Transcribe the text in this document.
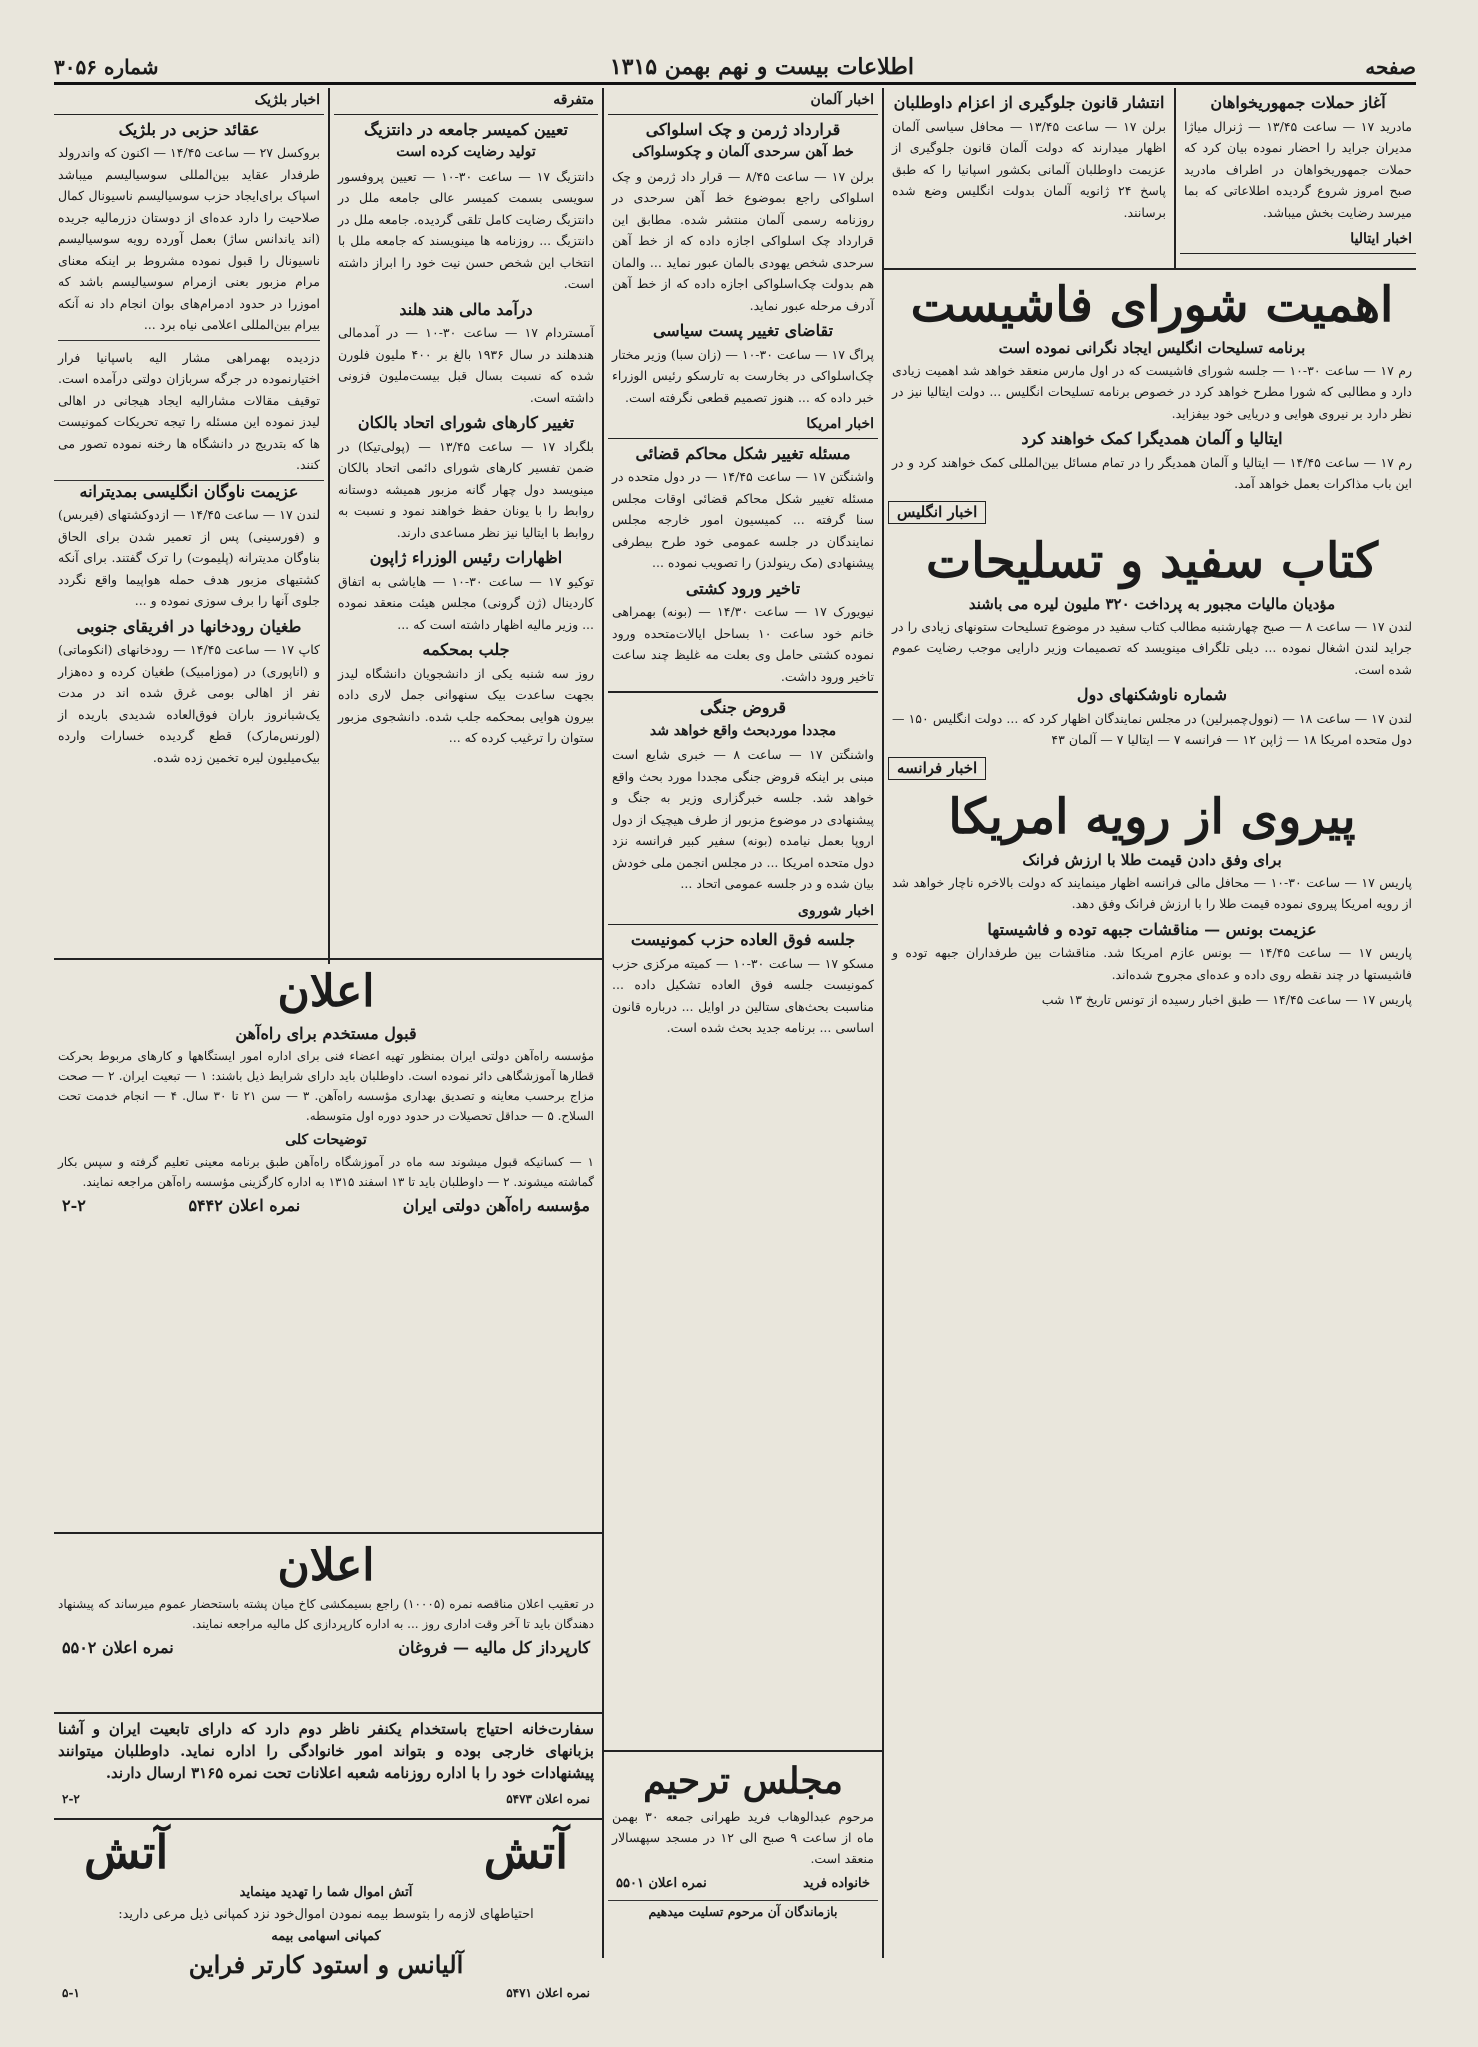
صفحه
اطلاعات بیست و نهم بهمن ۱۳۱۵
شماره ۳۰۵۶
اخبار بلژیک
عقائد حزبی در بلژیک
بروکسل ۲۷ — ساعت ۱۴/۴۵ — اکنون که واندرولد طرفدار عقاید بین‌المللی سوسیالیسم میباشد اسپاک برای‌ایجاد حزب سوسیالیسم ناسیونال کمال‌ صلاحیت را دارد عده‌ای از دوستان دزرمالیه جریده (اند یاندانس ساژ) بعمل آورده رویه سوسیالیسم ناسیونال را قبول نموده مشروط بر اینکه معنای مرام مزبور بعنی ازمرام سوسیالیسم باشد که اموزرا در حدود ادمرام‌های بوان انجام داد نه آنکه بیرام بین‌المللی اعلامی نیاه برد ...
دزدیده بهمراهی مشار الیه باسپانیا فرار اختیارنموده در جرگه سربازان دولتی درآمده است. توقیف مقالات مشارالیه ایجاد هیجانی در اهالی لیدز نموده این مسئله را تیجه تحریکات کمونیست ها که بتدریج در دانشگاه ها رخنه نموده تصور می کنند.
عزیمت ناوگان انگلیسی بمدیترانه
لندن ۱۷ — ساعت ۱۴/۴۵ — ازدو‌کشتهای (فیربس) و (فورسینی) پس از تعمیر شدن برای الحاق بناوگان مدیترانه (پلیموت) را ترک گفتند. برای آنکه کشتیهای مزبور هدف حمله هواپیما واقع نگردد جلوی آنها را برف سوزی نموده و ...
طغیان رودخانها در افریقای جنوبی
کاپ ۱۷ — ساعت ۱۴/۴۵ — رودخانهای (انکوماتی) و (اناپوری) در (موزامبیک) طغیان کرده و ده‌هزار نفر از اهالی بومی غرق شده اند در مدت یک‌شبانروز باران فوق‌العاده شدیدی باریده از (لورنس‌مارک) قطع گردیده خسارات وارده بیک‌میلیون لیره تخمین زده شده.
متفرقه
تعیین کمیسر جامعه در دانتزیگ
تولید رضایت کرده است
دانتزیگ ۱۷ — ساعت ۳۰-۱۰ — تعیین پروفسور سویسی بسمت کمیسر عالی جامعه ملل در دانتزیگ رضایت کامل تلقی گردیده. جامعه ملل در دانتزیگ ... روزنامه ها مینویسند که جامعه ملل با انتخاب این شخص حسن نیت خود را ابراز داشته است.
درآمد مالی هند هلند
آمستردام ۱۷ — ساعت ۳۰-۱۰ — در آمدمالی هندهلند در سال ۱۹۳۶ بالغ بر ۴۰۰ ملیون فلورن شده که نسبت بسال قبل بیست‌ملیون فزونی داشته است.
تغییر کارهای شورای اتحاد بالکان
بلگراد ۱۷ — ساعت ۱۳/۴۵ — (پولی‌تیکا) در ضمن تفسیر کارهای شورای دائمی اتحاد بالکان مینویسد دول چهار گانه مزبور همیشه دوستانه روابط را با یونان حفظ خواهند نمود و نسبت به روابط با ایتالیا نیز نظر مساعدی دارند.
اظهارات رئیس الوزراء ژاپون
توکیو ۱۷ — ساعت ۳۰-۱۰ — هایاشی به اتفاق کاردینال (ژن گرونی) مجلس هیئت منعقد نموده ... وزیر مالیه اظهار داشته است که ...
جلب بمحکمه
روز سه شنبه یکی از دانشجویان دانشگاه لیدز بجهت ساعدت بیک سنهوانی جمل لاری داده بیرون هوایی بمحکمه جلب شده. دانشجوی مزبور ستوان را ترغیب کرده که ...
اعلان
قبول مستخدم برای راه‌آهن
مؤسسه راه‌آهن دولتی ایران بمنظور تهیه اعضاء فنی برای اداره امور ایستگاهها و کارهای مربوط بحرکت قطارها آموزشگاهی دائر نموده است. داوطلبان باید دارای شرایط ذیل باشند: ۱ — تبعیت ایران. ۲ — صحت مزاج برحسب معاینه و تصدیق بهداری مؤسسه راه‌آهن. ۳ — سن ۲۱ تا ۳۰ سال. ۴ — انجام خدمت تحت السلاح. ۵ — حداقل تحصیلات در حدود دوره اول متوسطه.
توضیحات کلی
۱ — کسانیکه قبول میشوند سه ماه در آموزشگاه راه‌آهن طبق برنامه معینی تعلیم گرفته و سپس بکار گماشته میشوند. ۲ — داوطلبان باید تا ۱۳ اسفند ۱۳۱۵ به اداره کارگزینی مؤسسه راه‌آهن مراجعه نمایند.
مؤسسه راه‌آهن دولتی ایران
نمره اعلان ۵۴۴۲
۲-۲
اعلان
در تعقیب اعلان مناقصه نمره (۱۰۰۰۵) راجع بسیمکشی کاخ میان پشته باستحضار عموم میرساند که پیشنهاد دهندگان باید تا آخر وقت اداری روز ... به اداره کارپردازی کل مالیه مراجعه نمایند.
کارپرداز کل مالیه — فروغان
نمره اعلان ۵۵۰۲
سفارت‌خانه احتیاج باستخدام یکنفر ناظر دوم دارد که دارای تابعیت ایران و آشنا بزبانهای خارجی بوده و بتواند امور خانوادگی را اداره نماید. داوطلبان میتوانند پیشنهادات خود را با اداره روزنامه شعبه اعلانات تحت نمره ۳۱۶۵ ارسال دارند.
نمره اعلان ۵۴۷۳
۲-۲
آتش
آتش
آتش اموال شما را تهدید مینماید
احتیاطهای لازمه را بتوسط بیمه نمودن اموال‌خود نزد کمپانی ذیل مرعی دارید:
کمپانی اسهامی بیمه
آلیانس و استود کارتر فراین
نمره اعلان ۵۴۷۱
۵-۱
اخبار آلمان
قرارداد ژرمن و چک اسلواکی
خط آهن سرحدی آلمان و چکوسلواکی
برلن ۱۷ — ساعت ۸/۴۵ — قرار داد ژرمن و چک اسلواکی راجع بموضوع خط آهن سرحدی در روزنامه رسمی آلمان منتشر شده. مطابق این قرارداد چک اسلواکی اجازه داده که از خط آهن سرحدی شخص یهودی بالمان عبور نماید ... والمان هم بدولت چک‌اسلواکی اجازه داده که از خط آهن آدرف مرحله عبور نماید.
تقاضای تغییر پست سیاسی
پراگ ۱۷ — ساعت ۳۰-۱۰ — (زان سبا) وزیر مختار چک‌اسلواکی در بخارست به تارسکو رئیس الوزراء خبر داده که ... هنوز تصمیم قطعی نگرفته است.
اخبار امریکا
مسئله تغییر شکل محاکم قضائی
واشنگتن ۱۷ — ساعت ۱۴/۴۵ — در دول متحده در مسئله تغییر شکل محاکم قضائی اوقات مجلس سنا گرفته ... کمیسیون امور خارجه مجلس نمایندگان در جلسه عمومی خود طرح بیطرفی پیشنهادی (مک رینولدز) را تصویب نموده ...
تاخیر ورود کشتی
نیویورک ۱۷ — ساعت ۱۴/۳۰ — (بونه) بهمراهی خانم خود ساعت ۱۰ بساحل ایالات‌متحده ورود نموده کشتی حامل وی بعلت مه غلیظ چند ساعت تاخیر ورود داشت.
قروض جنگی
مجددا موردبحث واقع خواهد شد
واشنگتن ۱۷ — ساعت ۸ — خبری شایع است مبنی بر اینکه قروض جنگی مجددا مورد بحث واقع خواهد شد. جلسه خبرگزاری وزیر به جنگ و پیشنهادی در موضوع مزبور از طرف هیچیک از دول اروپا بعمل نیامده (بونه) سفیر کبیر فرانسه نزد دول متحده امریکا ... در مجلس انجمن ملی خودش بیان شده و در جلسه عمومی اتحاد ...
اخبار شوروی
جلسه فوق العاده حزب کمونیست
مسکو ۱۷ — ساعت ۳۰-۱۰ — کمیته مرکزی حزب کمونیست جلسه فوق العاده تشکیل داده ... مناسبت بحث‌های ستالین در اوایل ... درباره قانون اساسی ... برنامه جدید بحث شده است.
مجلس ترحیم
مرحوم عبدالوهاب فرید طهرانی جمعه ۳۰ بهمن ماه از ساعت ۹ صبح الی ۱۲ در مسجد سپهسالار منعقد است.
خانواده فرید
نمره اعلان ۵۵۰۱
بازماندگان آن مرحوم تسلیت میدهیم
انتشار قانون جلوگیری از اعزام داوطلبان
برلن ۱۷ — ساعت ۱۳/۴۵ — محافل سیاسی آلمان اظهار میدارند که دولت آلمان قانون جلوگیری از عزیمت داوطلبان آلمانی بکشور اسپانیا را که طبق پاسخ ۲۴ ژانویه آلمان بدولت انگلیس وضع شده برسانند.
آغاز حملات جمهوریخواهان
مادرید ۱۷ — ساعت ۱۳/۴۵ — ژنرال میاژا مدیران جراید را احضار نموده بیان کرد که حملات جمهوریخواهان در اطراف مادرید صبح امروز شروع گردیده اطلاعاتی که بما میرسد رضایت بخش میباشد.
اخبار ایتالیا
اهمیت شورای فاشیست
برنامه تسلیحات انگلیس ایجاد نگرانی نموده است
رم ۱۷ — ساعت ۳۰-۱۰ — جلسه شورای فاشیست که در اول مارس منعقد خواهد شد اهمیت زیادی دارد و مطالبی که شورا مطرح خواهد کرد در خصوص برنامه تسلیحات انگلیس ... دولت ایتالیا نیز در نظر دارد بر نیروی هوایی و دریایی خود بیفزاید.
ایتالیا و آلمان همدیگرا کمک خواهند کرد
رم ۱۷ — ساعت ۱۴/۴۵ — ایتالیا و آلمان همدیگر را در تمام مسائل بین‌المللی کمک خواهند کرد و در این باب مذاکرات بعمل خواهد آمد.
اخبار انگلیس
کتاب سفید و تسلیحات
مؤدیان مالیات مجبور به پرداخت ۳۲۰ ملیون لیره می باشند
لندن ۱۷ — ساعت ۸ — صبح چهارشنبه مطالب کتاب سفید در موضوع تسلیحات ستونهای زیادی را در جراید لندن اشغال نموده ... دیلی تلگراف مینویسد که تصمیمات وزیر دارایی موجب رضایت عموم شده است.
شماره ناوشکنهای دول
لندن ۱۷ — ساعت ۱۸ — (نوول‌چمبرلین) در مجلس نمایندگان اظهار کرد که ... دولت انگلیس ۱۵۰ — دول متحده امریکا ۱۸ — ژاپن ۱۲ — فرانسه ۷ — ایتالیا ۷ — آلمان ۴۳
اخبار فرانسه
پیروی از رویه امریکا
برای وفق دادن قیمت طلا با ارزش فرانک
پاریس ۱۷ — ساعت ۳۰-۱۰ — محافل مالی فرانسه اظهار مینمایند که دولت بالاخره ناچار خواهد شد از رویه امریکا پیروی نموده قیمت طلا را با ارزش فرانک وفق دهد.
عزیمت بونس — مناقشات جبهه توده و فاشیستها
پاریس ۱۷ — ساعت ۱۴/۴۵ — بونس عازم امریکا شد. مناقشات بین طرفداران جبهه توده و فاشیستها در چند نقطه روی داده و عده‌ای مجروح شده‌اند.
پاریس ۱۷ — ساعت ۱۴/۴۵ — طبق اخبار رسیده از تونس تاریخ ۱۳ شب
